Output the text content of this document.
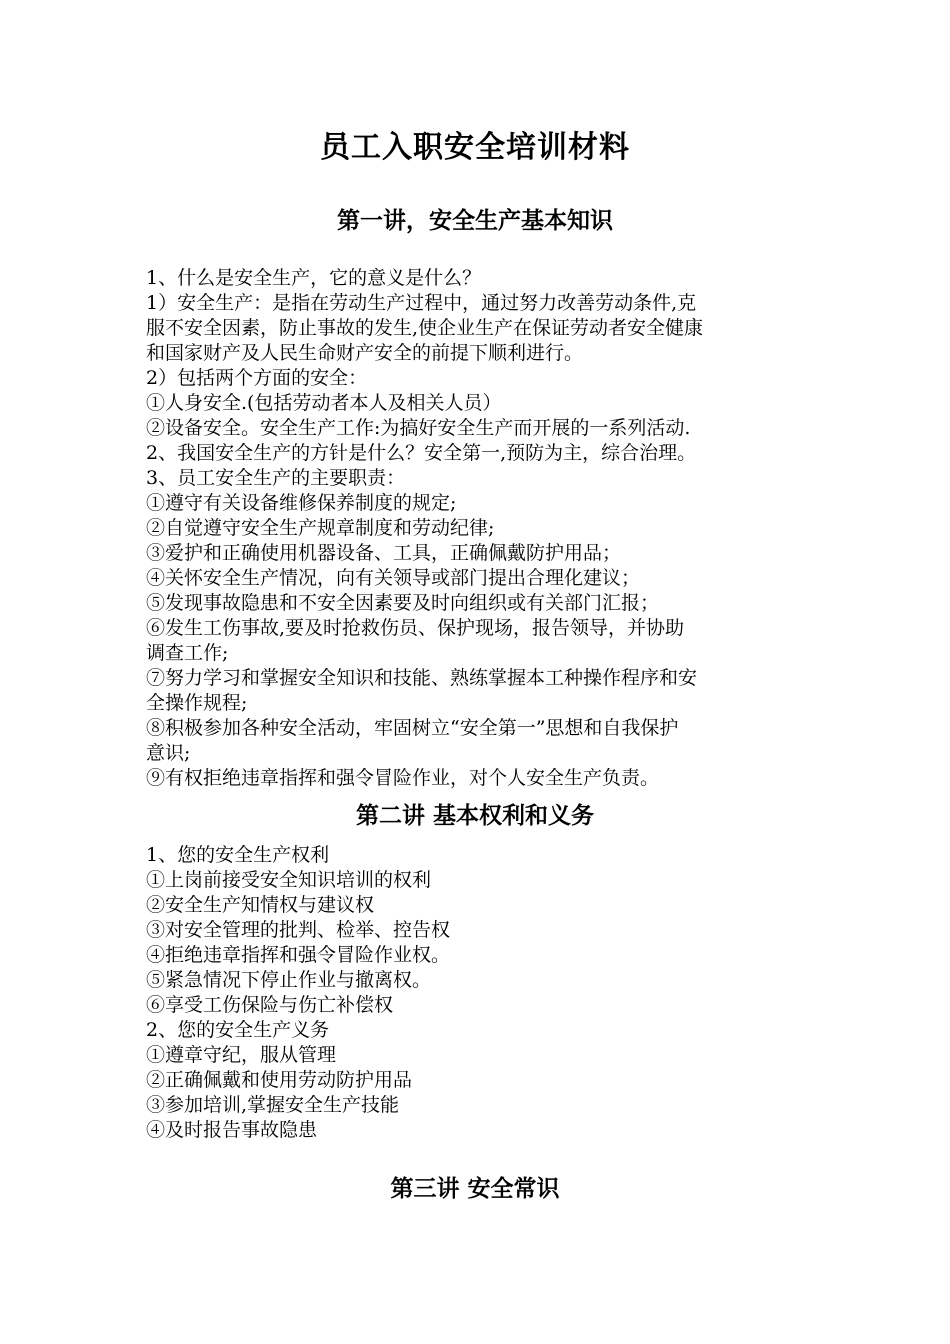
员工入职安全培训材料
第一讲，安全生产基本知识
1、什么是安全生产，它的意义是什么？
1）安全生产：是指在劳动生产过程中，通过努力改善劳动条件,克
服不安全因素，防止事故的发生,使企业生产在保证劳动者安全健康
和国家财产及人民生命财产安全的前提下顺利进行。
2）包括两个方面的安全：
①人身安全.(包括劳动者本人及相关人员）
②设备安全。安全生产工作:为搞好安全生产而开展的一系列活动.
2、我国安全生产的方针是什么？安全第一,预防为主，综合治理。
3、员工安全生产的主要职责：
①遵守有关设备维修保养制度的规定;
②自觉遵守安全生产规章制度和劳动纪律;
③爱护和正确使用机器设备、工具，正确佩戴防护用品；
④关怀安全生产情况，向有关领导或部门提出合理化建议；
⑤发现事故隐患和不安全因素要及时向组织或有关部门汇报；
⑥发生工伤事故,要及时抢救伤员、保护现场，报告领导，并协助
调查工作;
⑦努力学习和掌握安全知识和技能、熟练掌握本工种操作程序和安
全操作规程;
⑧积极参加各种安全活动，牢固树立“安全第一”思想和自我保护
意识;
⑨有权拒绝违章指挥和强令冒险作业，对个人安全生产负责。
第二讲 基本权利和义务
1、您的安全生产权利
①上岗前接受安全知识培训的权利
②安全生产知情权与建议权
③对安全管理的批判、检举、控告权
④拒绝违章指挥和强令冒险作业权。
⑤紧急情况下停止作业与撤离权。
⑥享受工伤保险与伤亡补偿权
2、您的安全生产义务
①遵章守纪，服从管理
②正确佩戴和使用劳动防护用品
③参加培训,掌握安全生产技能
④及时报告事故隐患
第三讲 安全常识
